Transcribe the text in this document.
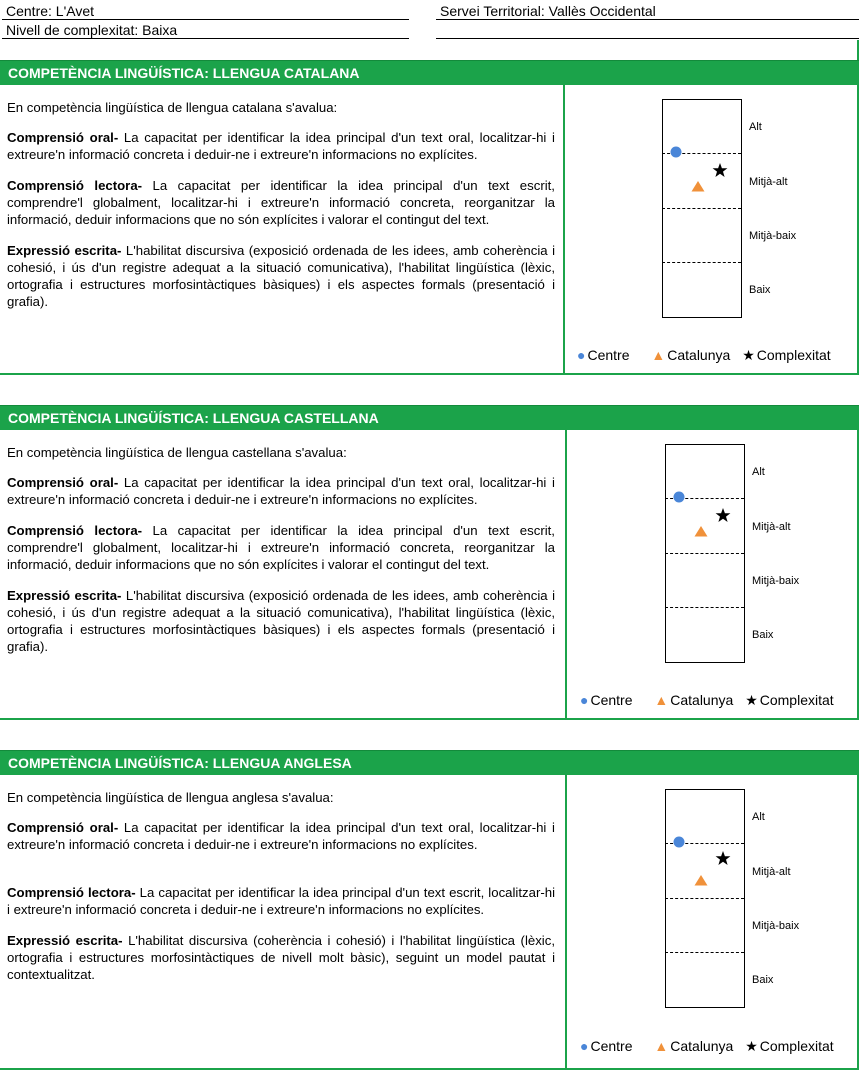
Centre: L'Avet	Servei Territorial: Vallès Occidental
Nivell de complexitat: Baixa
COMPETÈNCIA LINGÜÍSTICA: LLENGUA CATALANA

En competència lingüística de llengua catalana s'avalua:

Comprensió oral- La capacitat per identificar la idea principal d'un text oral, localitzar-hi i extreure'n informació concreta i deduir-ne i extreure'n informacions no explícites.

Comprensió lectora- La capacitat per identificar la idea principal d'un text escrit, comprendre'l globalment, localitzar-hi i extreure'n informació concreta, reorganitzar la informació, deduir informacions que no són explícites i valorar el contingut del text.

Expressió escrita- L'habilitat discursiva (exposició ordenada de les idees, amb coherència i cohesió, i ús d'un registre adequat a la situació comunicativa), l'habilitat lingüística (lèxic, ortografia i estructures morfosintàctiques bàsiques) i els aspectes formals (presentació i grafia).

Alt
Mitjà-alt
Mitjà-baix
Baix
● Centre ▲ Catalunya ★ Complexitat
COMPETÈNCIA LINGÜÍSTICA: LLENGUA CASTELLANA

En competència lingüística de llengua castellana s'avalua:

Comprensió oral- La capacitat per identificar la idea principal d'un text oral, localitzar-hi i extreure'n informació concreta i deduir-ne i extreure'n informacions no explícites.

Comprensió lectora- La capacitat per identificar la idea principal d'un text escrit, comprendre'l globalment, localitzar-hi i extreure'n informació concreta, reorganitzar la informació, deduir informacions que no són explícites i valorar el contingut del text.

Expressió escrita- L'habilitat discursiva (exposició ordenada de les idees, amb coherència i cohesió, i ús d'un registre adequat a la situació comunicativa), l'habilitat lingüística (lèxic, ortografia i estructures morfosintàctiques bàsiques) i els aspectes formals (presentació i grafia).

Alt
Mitjà-alt
Mitjà-baix
Baix
● Centre ▲ Catalunya ★ Complexitat
COMPETÈNCIA LINGÜÍSTICA: LLENGUA ANGLESA

En competència lingüística de llengua anglesa s'avalua:

Comprensió oral- La capacitat per identificar la idea principal d'un text oral, localitzar-hi i extreure'n informació concreta i deduir-ne i extreure'n informacions no explícites.

Comprensió lectora- La capacitat per identificar la idea principal d'un text escrit, localitzar-hi i extreure'n informació concreta i deduir-ne i extreure'n informacions no explícites.

Expressió escrita- L'habilitat discursiva (coherència i cohesió) i l'habilitat lingüística (lèxic, ortografia i estructures morfosintàctiques de nivell molt bàsic), seguint un model pautat i contextualitzat.

Alt
Mitjà-alt
Mitjà-baix
Baix
● Centre ▲ Catalunya ★ Complexitat
